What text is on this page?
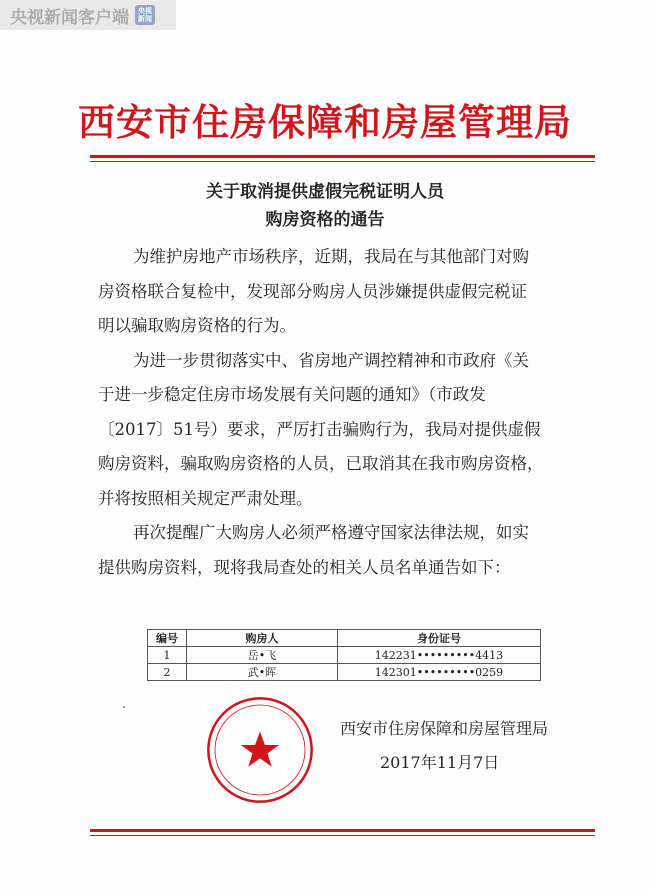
央视新闻客户端	央视新闻
西安市住房保障和房屋管理局
关于取消提供虚假完税证明人员
购房资格的通告
为维护房地产市场秩序，近期，我局在与其他部门对购
房资格联合复检中，发现部分购房人员涉嫌提供虚假完税证
明以骗取购房资格的行为。
为进一步贯彻落实中、省房地产调控精神和市政府《关
于进一步稳定住房市场发展有关问题的通知》（市政发
〔2017〕51号）要求，严厉打击骗购行为，我局对提供虚假
购房资料，骗取购房资格的人员，已取消其在我市购房资格，
并将按照相关规定严肃处理。
再次提醒广大购房人必须严格遵守国家法律法规，如实
提供购房资料，现将我局查处的相关人员名单通告如下：
编号	购房人	身份证号
1	岳•飞	142231•••••••••4413
2	武•晖	142301•••••••••0259
西安市住房保障和房屋管理局
2017年11月7日
